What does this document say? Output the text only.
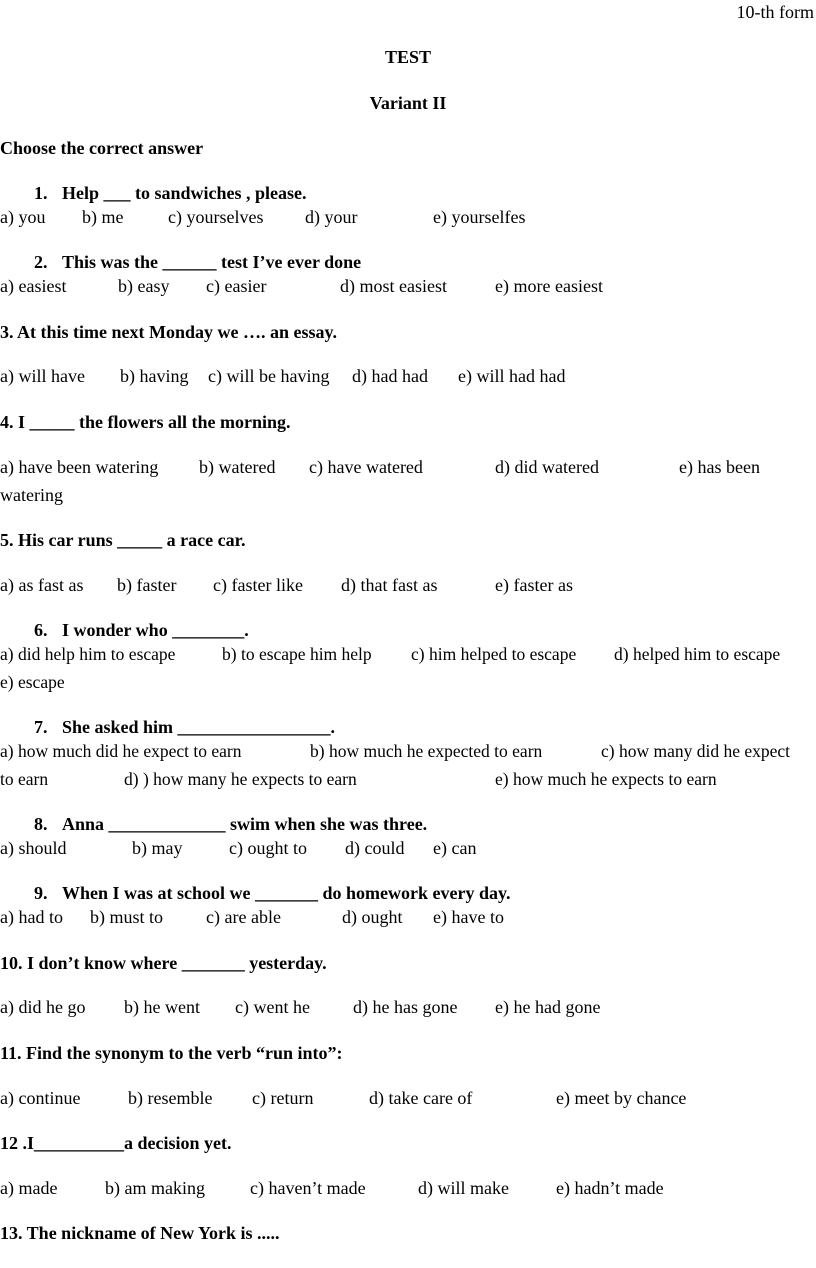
10-th form
TEST
Variant II
Choose the correct answer
1. Help ___ to sandwiches , please.
a) you b) me c) yourselves d) your	e) yourselfes
2. This was the ______ test I’ve ever done
a) easiest	b) easy c) easier	d) most easiest	e) more easiest
3. At this time next Monday we …. an essay.
a) will have b) having c) will be having d) had had e) will had had
4. I _____ the flowers all the morning.
a) have been watering b) watered c) have watered	d) did watered	e) has been
watering
5. His car runs _____ a race car.
a) as fast as b) faster c) faster like d) that fast as	e) faster as
6. I wonder who ________.
a) did help him to escape	b) to escape him help c) him helped to escape d) helped him to escape
e) escape
7. She asked him _________________.
a) how much did he expect to earn	b) how much he expected to earn	c) how many did he expect
to earn	d) ) how many he expects to earn	e) how much he expects to earn
8. Anna _____________ swim when she was three.
a) should	b) may	c) ought to d) could e) can
9. When I was at school we _______ do homework every day.
a) had to b) must to c) are able	d) ought e) have to
10. I don’t know where _______ yesterday.
a) did he go b) he went c) went he d) he has gone e) he had gone
11. Find the synonym to the verb “run into”:
a) continue	b) resemble c) return	d) take care of	e) meet by chance
12 .I__________a decision yet.
a) made	b) am making	c) haven’t made	d) will make	e) hadn’t made
13. The nickname of New York is .....
